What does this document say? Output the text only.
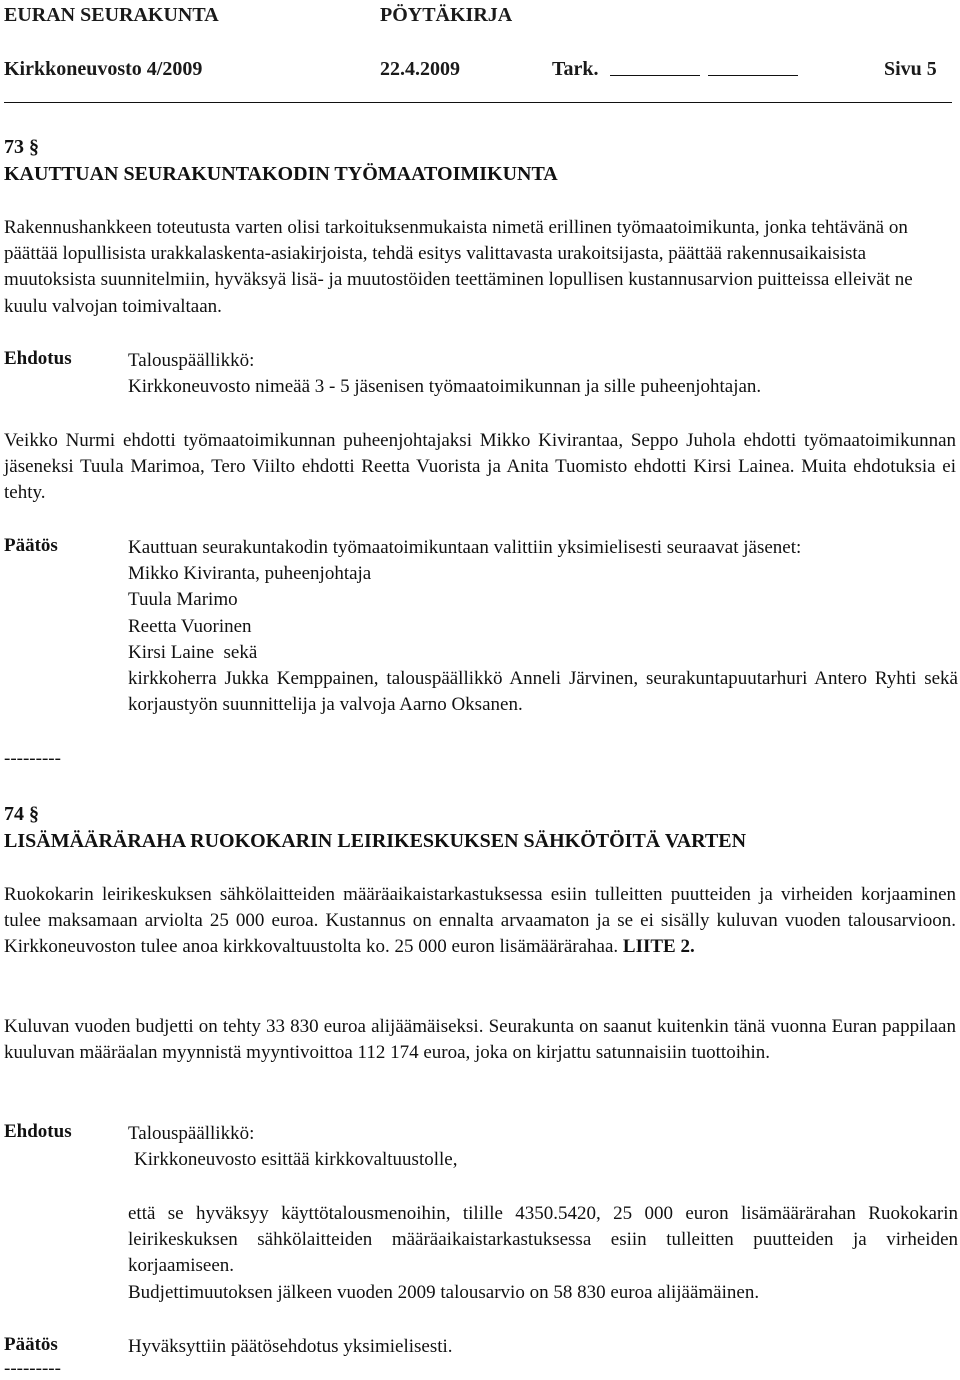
EURAN SEURAKUNTA	PÖYTÄKIRJA
Kirkkoneuvosto 4/2009	22.4.2009	Tark.	Sivu 5
73 §
KAUTTUAN SEURAKUNTAKODIN TYÖMAATOIMIKUNTA
Rakennushankkeen toteutusta varten olisi tarkoituksenmukaista nimetä erillinen työmaatoimikunta, jonka tehtävänä on päättää lopullisista urakkalaskenta-asiakirjoista, tehdä esitys valittavasta urakoitsijasta, päättää rakennusaikaisista muutoksista suunnitelmiin, hyväksyä lisä- ja muutostöiden teettäminen lopullisen kustannusarvion puitteissa elleivät ne kuulu valvojan toimivaltaan.
Ehdotus	Talouspäällikkö:
Kirkkoneuvosto nimeää 3 - 5 jäsenisen työmaatoimikunnan ja sille puheenjohtajan.
Veikko Nurmi ehdotti työmaatoimikunnan puheenjohtajaksi Mikko Kivirantaa, Seppo Juhola ehdotti työmaatoimikunnan jäseneksi Tuula Marimoa, Tero Viilto ehdotti Reetta Vuorista ja Anita Tuomisto ehdotti Kirsi Lainea. Muita ehdotuksia ei tehty.
Päätös	Kauttuan seurakuntakodin työmaatoimikuntaan valittiin yksimielisesti seuraavat jäsenet:
Mikko Kiviranta, puheenjohtaja
Tuula Marimo
Reetta Vuorinen
Kirsi Laine  sekä
kirkkoherra Jukka Kemppainen, talouspäällikkö Anneli Järvinen, seurakuntapuutarhuri Antero Ryhti sekä korjaustyön suunnittelija ja valvoja Aarno Oksanen.
---------
74 §
LISÄMÄÄRÄRAHA RUOKOKARIN LEIRIKESKUKSEN SÄHKÖTÖITÄ VARTEN
Ruokokarin leirikeskuksen sähkölaitteiden määräaikaistarkastuksessa esiin tulleitten puutteiden ja virheiden korjaaminen tulee maksamaan arviolta 25 000 euroa. Kustannus on ennalta arvaamaton ja se ei sisälly kuluvan vuoden talousarvioon. Kirkkoneuvoston tulee anoa kirkkovaltuustolta ko. 25 000 euron lisämäärärahaa. LIITE 2.
Kuluvan vuoden budjetti on tehty 33 830 euroa alijäämäiseksi. Seurakunta on saanut kuitenkin tänä vuonna Euran pappilaan kuuluvan määräalan myynnistä myyntivoittoa 112 174 euroa, joka on kirjattu satunnaisiin tuottoihin.
Ehdotus	Talouspäällikkö:
Kirkkoneuvosto esittää kirkkovaltuustolle,
että se hyväksyy käyttötalousmenoihin, tilille 4350.5420, 25 000 euron lisämäärärahan Ruokokarin leirikeskuksen sähkölaitteiden määräaikaistarkastuksessa esiin tulleitten puutteiden ja virheiden korjaamiseen.
Budjettimuutoksen jälkeen vuoden 2009 talousarvio on 58 830 euroa alijäämäinen.
Päätös	Hyväksyttiin päätösehdotus yksimielisesti.
---------
